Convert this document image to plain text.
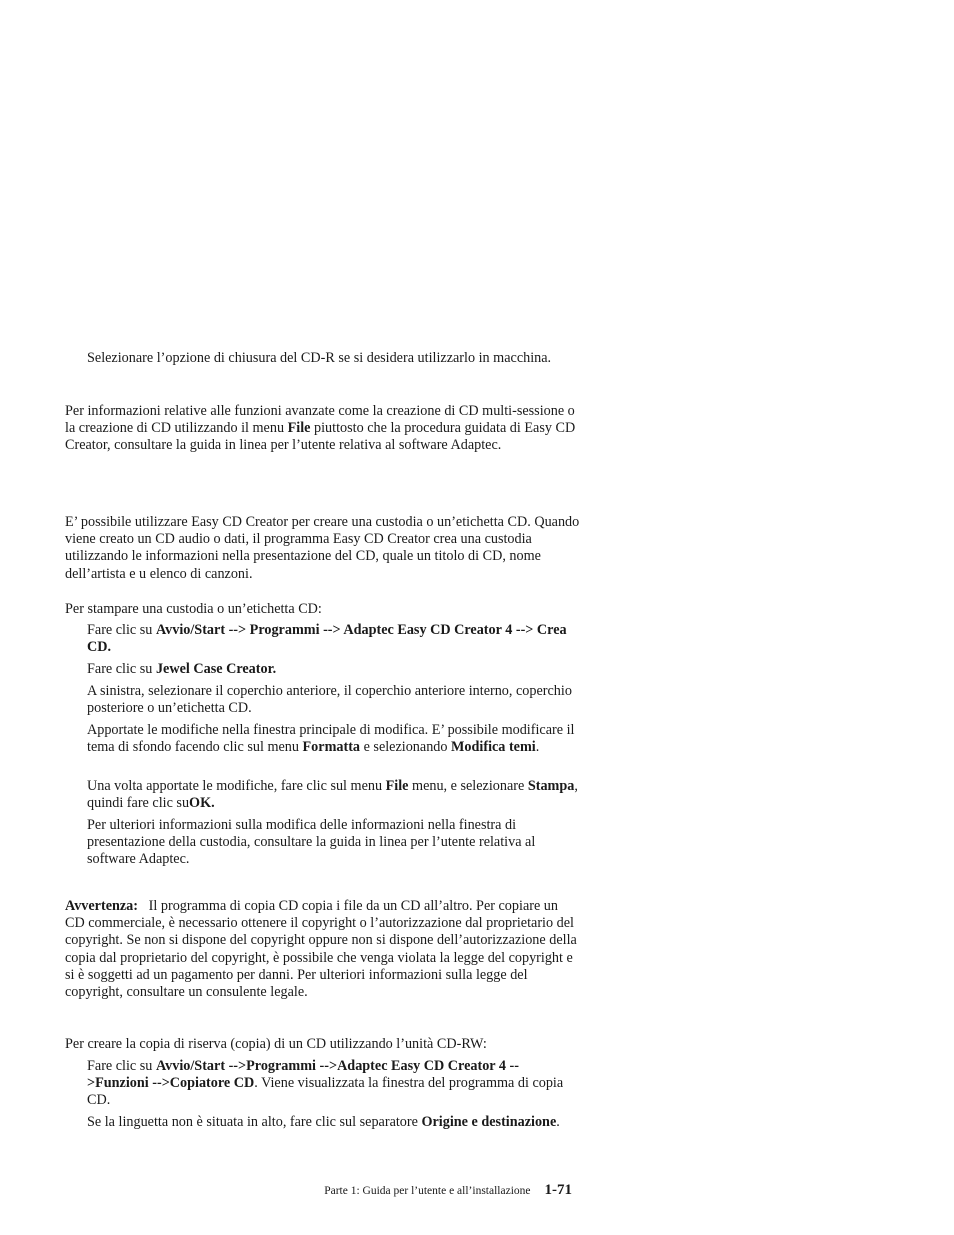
Selezionare l’opzione di chiusura del CD-R se si desidera utilizzarlo in macchina.

Per informazioni relative alle funzioni avanzate come la creazione di CD multi-sessione o la creazione di CD utilizzando il menu File piuttosto che la procedura guidata di Easy CD Creator, consultare la guida in linea per l’utente relativa al software Adaptec.

E’ possibile utilizzare Easy CD Creator per creare una custodia o un’etichetta CD. Quando viene creato un CD audio o dati, il programma Easy CD Creator crea una custodia utilizzando le informazioni nella presentazione del CD, quale un titolo di CD, nome dell’artista e u elenco di canzoni.

Per stampare una custodia o un’etichetta CD:

Fare clic su Avvio/Start --> Programmi --> Adaptec Easy CD Creator 4 --> Crea CD.

Fare clic su Jewel Case Creator.

A sinistra, selezionare il coperchio anteriore, il coperchio anteriore interno, coperchio posteriore o un’etichetta CD.

Apportate le modifiche nella finestra principale di modifica. E’ possibile modificare il tema di sfondo facendo clic sul menu Formatta e selezionando Modifica temi.

Una volta apportate le modifiche, fare clic sul menu File menu, e selezionare Stampa, quindi fare clic suOK.

Per ulteriori informazioni sulla modifica delle informazioni nella finestra di presentazione della custodia, consultare la guida in linea per l’utente relativa al software Adaptec.

Avvertenza: Il programma di copia CD copia i file da un CD all’altro. Per copiare un CD commerciale, è necessario ottenere il copyright o l’autorizzazione dal proprietario del copyright. Se non si dispone del copyright oppure non si dispone dell’autorizzazione della copia dal proprietario del copyright, è possibile che venga violata la legge del copyright e si è soggetti ad un pagamento per danni. Per ulteriori informazioni sulla legge del copyright, consultare un consulente legale.

Per creare la copia di riserva (copia) di un CD utilizzando l’unità CD-RW:

Fare clic su Avvio/Start -->Programmi -->Adaptec Easy CD Creator 4 -->Funzioni -->Copiatore CD. Viene visualizzata la finestra del programma di copia CD.

Se la linguetta non è situata in alto, fare clic sul separatore Origine e destinazione.

Parte 1: Guida per l’utente e all’installazione 1-71
